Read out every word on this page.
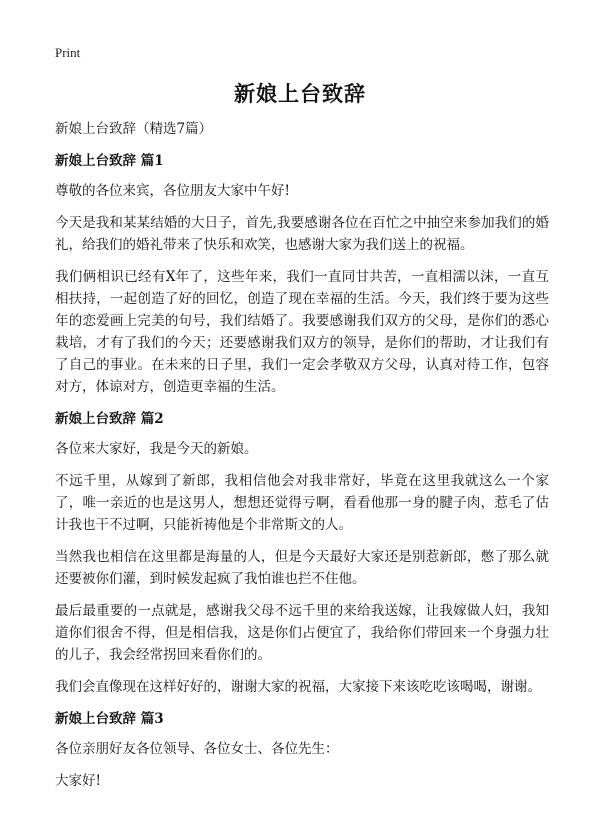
Print
新娘上台致辞

新娘上台致辞（精选7篇）

新娘上台致辞 篇1

尊敬的各位来宾，各位朋友大家中午好!

今天是我和某某结婚的大日子，首先,我要感谢各位在百忙之中抽空来参加我们的婚礼，给我们的婚礼带来了快乐和欢笑，也感谢大家为我们送上的祝福。

我们俩相识已经有X年了，这些年来，我们一直同甘共苦，一直相濡以沫，一直互相扶持，一起创造了好的回忆，创造了现在幸福的生活。今天，我们终于要为这些年的恋爱画上完美的句号，我们结婚了。我要感谢我们双方的父母，是你们的悉心栽培，才有了我们的今天；还要感谢我们双方的领导，是你们的帮助，才让我们有了自己的事业。在未来的日子里，我们一定会孝敬双方父母，认真对待工作，包容对方，体谅对方，创造更幸福的生活。

新娘上台致辞 篇2

各位来大家好，我是今天的新娘。

不远千里，从嫁到了新郎，我相信他会对我非常好，毕竟在这里我就这么一个家了，唯一亲近的也是这男人，想想还觉得亏啊，看看他那一身的腱子肉，惹毛了估计我也干不过啊，只能祈祷他是个非常斯文的人。

当然我也相信在这里都是海量的人，但是今天最好大家还是别惹新郎，憋了那么就还要被你们灌，到时候发起疯了我怕谁也拦不住他。

最后最重要的一点就是，感谢我父母不远千里的来给我送嫁，让我嫁做人妇，我知道你们很舍不得，但是相信我，这是你们占便宜了，我给你们带回来一个身强力壮的儿子，我会经常拐回来看你们的。

我们会直像现在这样好好的，谢谢大家的祝福，大家接下来该吃吃该喝喝，谢谢。

新娘上台致辞 篇3

各位亲朋好友各位领导、各位女士、各位先生：

大家好!
